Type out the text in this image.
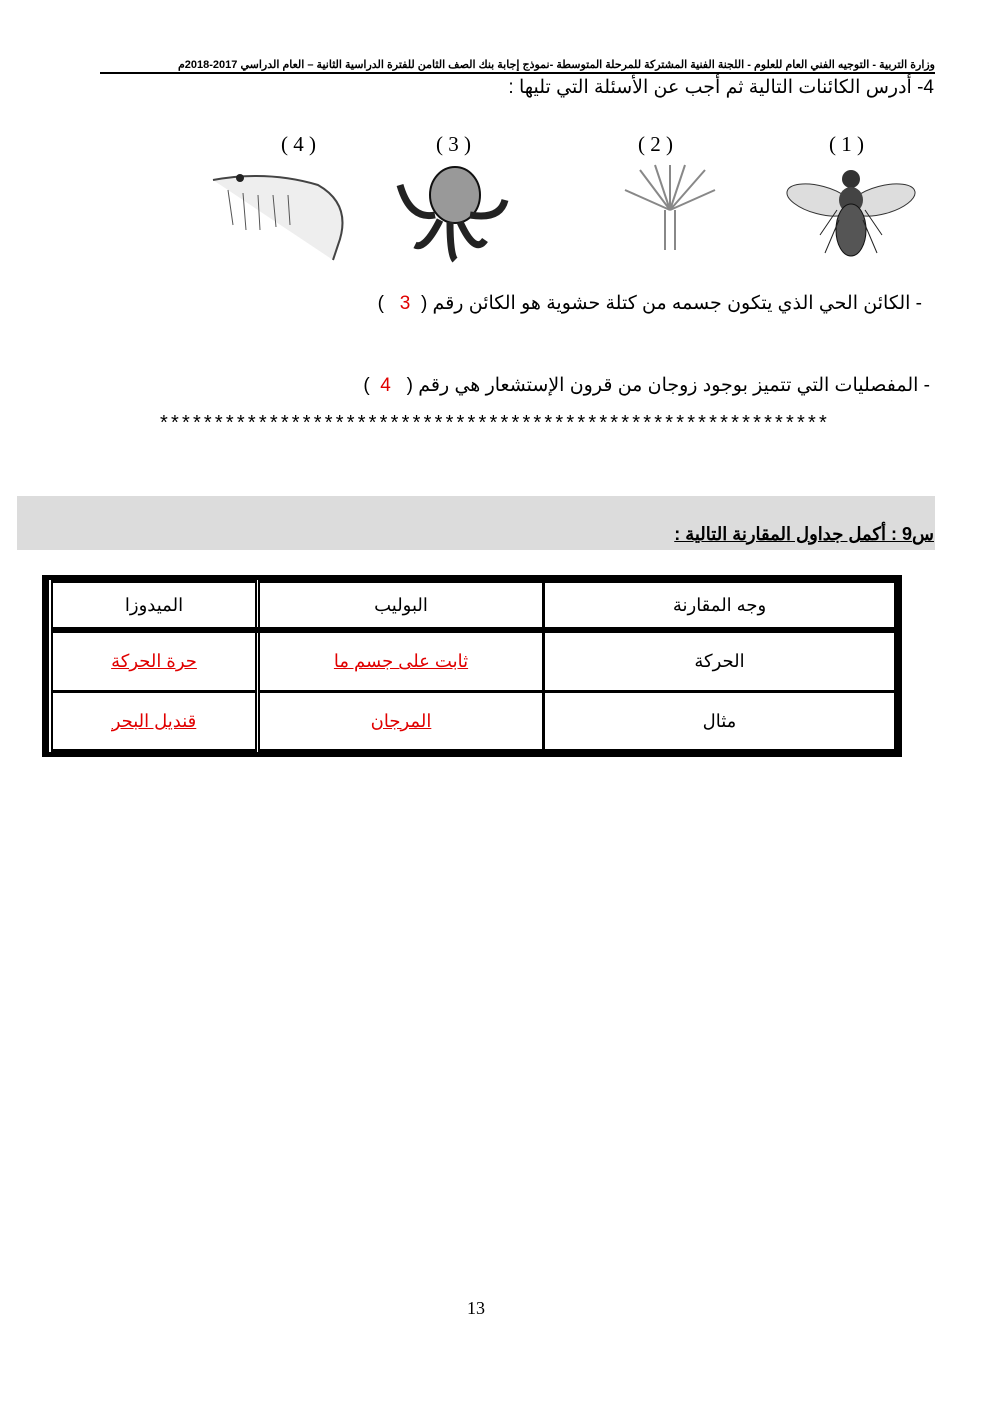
وزارة التربية - التوجيه الفني العام للعلوم - اللجنة الفنية المشتركة للمرحلة المتوسطة -نموذج إجابة بنك الصف الثامن للفترة الدراسية الثانية – العام الدراسي 2017-2018م
4- أدرس الكائنات التالية ثم أجب عن الأسئلة التي تليها :
( 1 )
( 2 )
( 3 )
( 4 )
- الكائن الحي الذي يتكون جسمه من كتلة حشوية هو الكائن رقم (  3   )
- المفصليات التي تتميز بوجود زوجان من قرون الإستشعار هي رقم (   4  )
*************************************************************
س9 : أكمل جداول المقارنة التالية :
وجه المقارنة	البوليب	الميدوزا
الحركة	ثابت على جسم ما	حرة الحركة
مثال	المرجان	قنديل البحر
13
